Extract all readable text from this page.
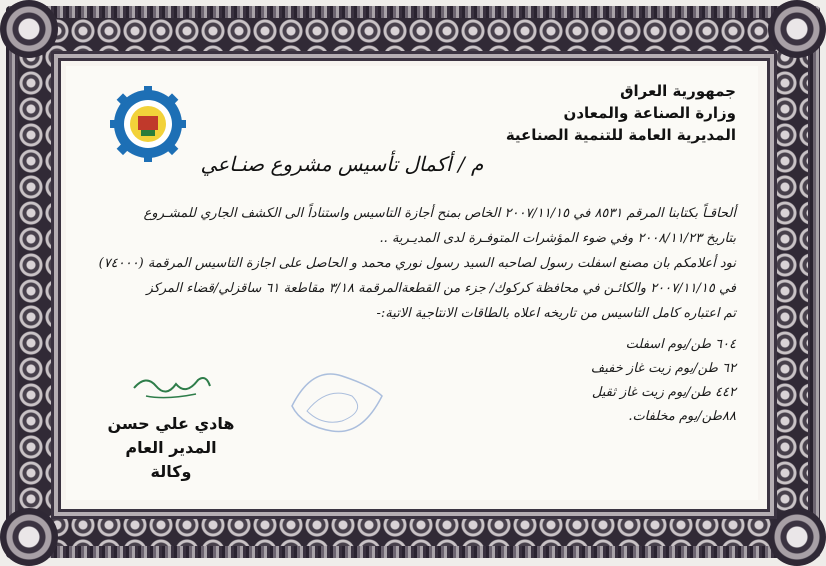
جمهورية العراق
وزارة الصناعة والمعادن
المديرية العامة للتنمية الصناعية
م / أكمال تأسيس مشروع صنـاعي
ألحاقـاً بكتابنا المرقم ٨٥٣١ في ٢٠٠٧/١١/١٥ الخاص بمنح أجازة التاسيس واستناداً الى الكشف الجاري للمشـروع
بتاريخ ٢٠٠٨/١١/٢٣ وفي ضوء المؤشرات المتوفـرة لدى المديـرية ..
نود أعلامكم بان مصنع اسفلت رسول لصاحبه السيد رسول نوري محمد و الحاصل على اجازة التاسيس المرقمة (٧٤٠٠٠)
في ٢٠٠٧/١١/١٥ والكائـن في محافظة كركوك/ جزء من القطعةالمرقمة ٣/١٨ مقاطعة ٦١ ساقزلي/قضاء المركز
تم اعتباره كامل التاسيس من تاريخه اعلاه بالطاقات الانتاجية الاتية:-
٦٠٤ طن/يوم اسفلت
٦٢ طن/يوم زيت غاز خفيف
٤٤٢ طن/يوم زيت غاز ثقيل
٨٨طن/يوم مخلفات.
هادي علي حسن
المدير العام وكالة
